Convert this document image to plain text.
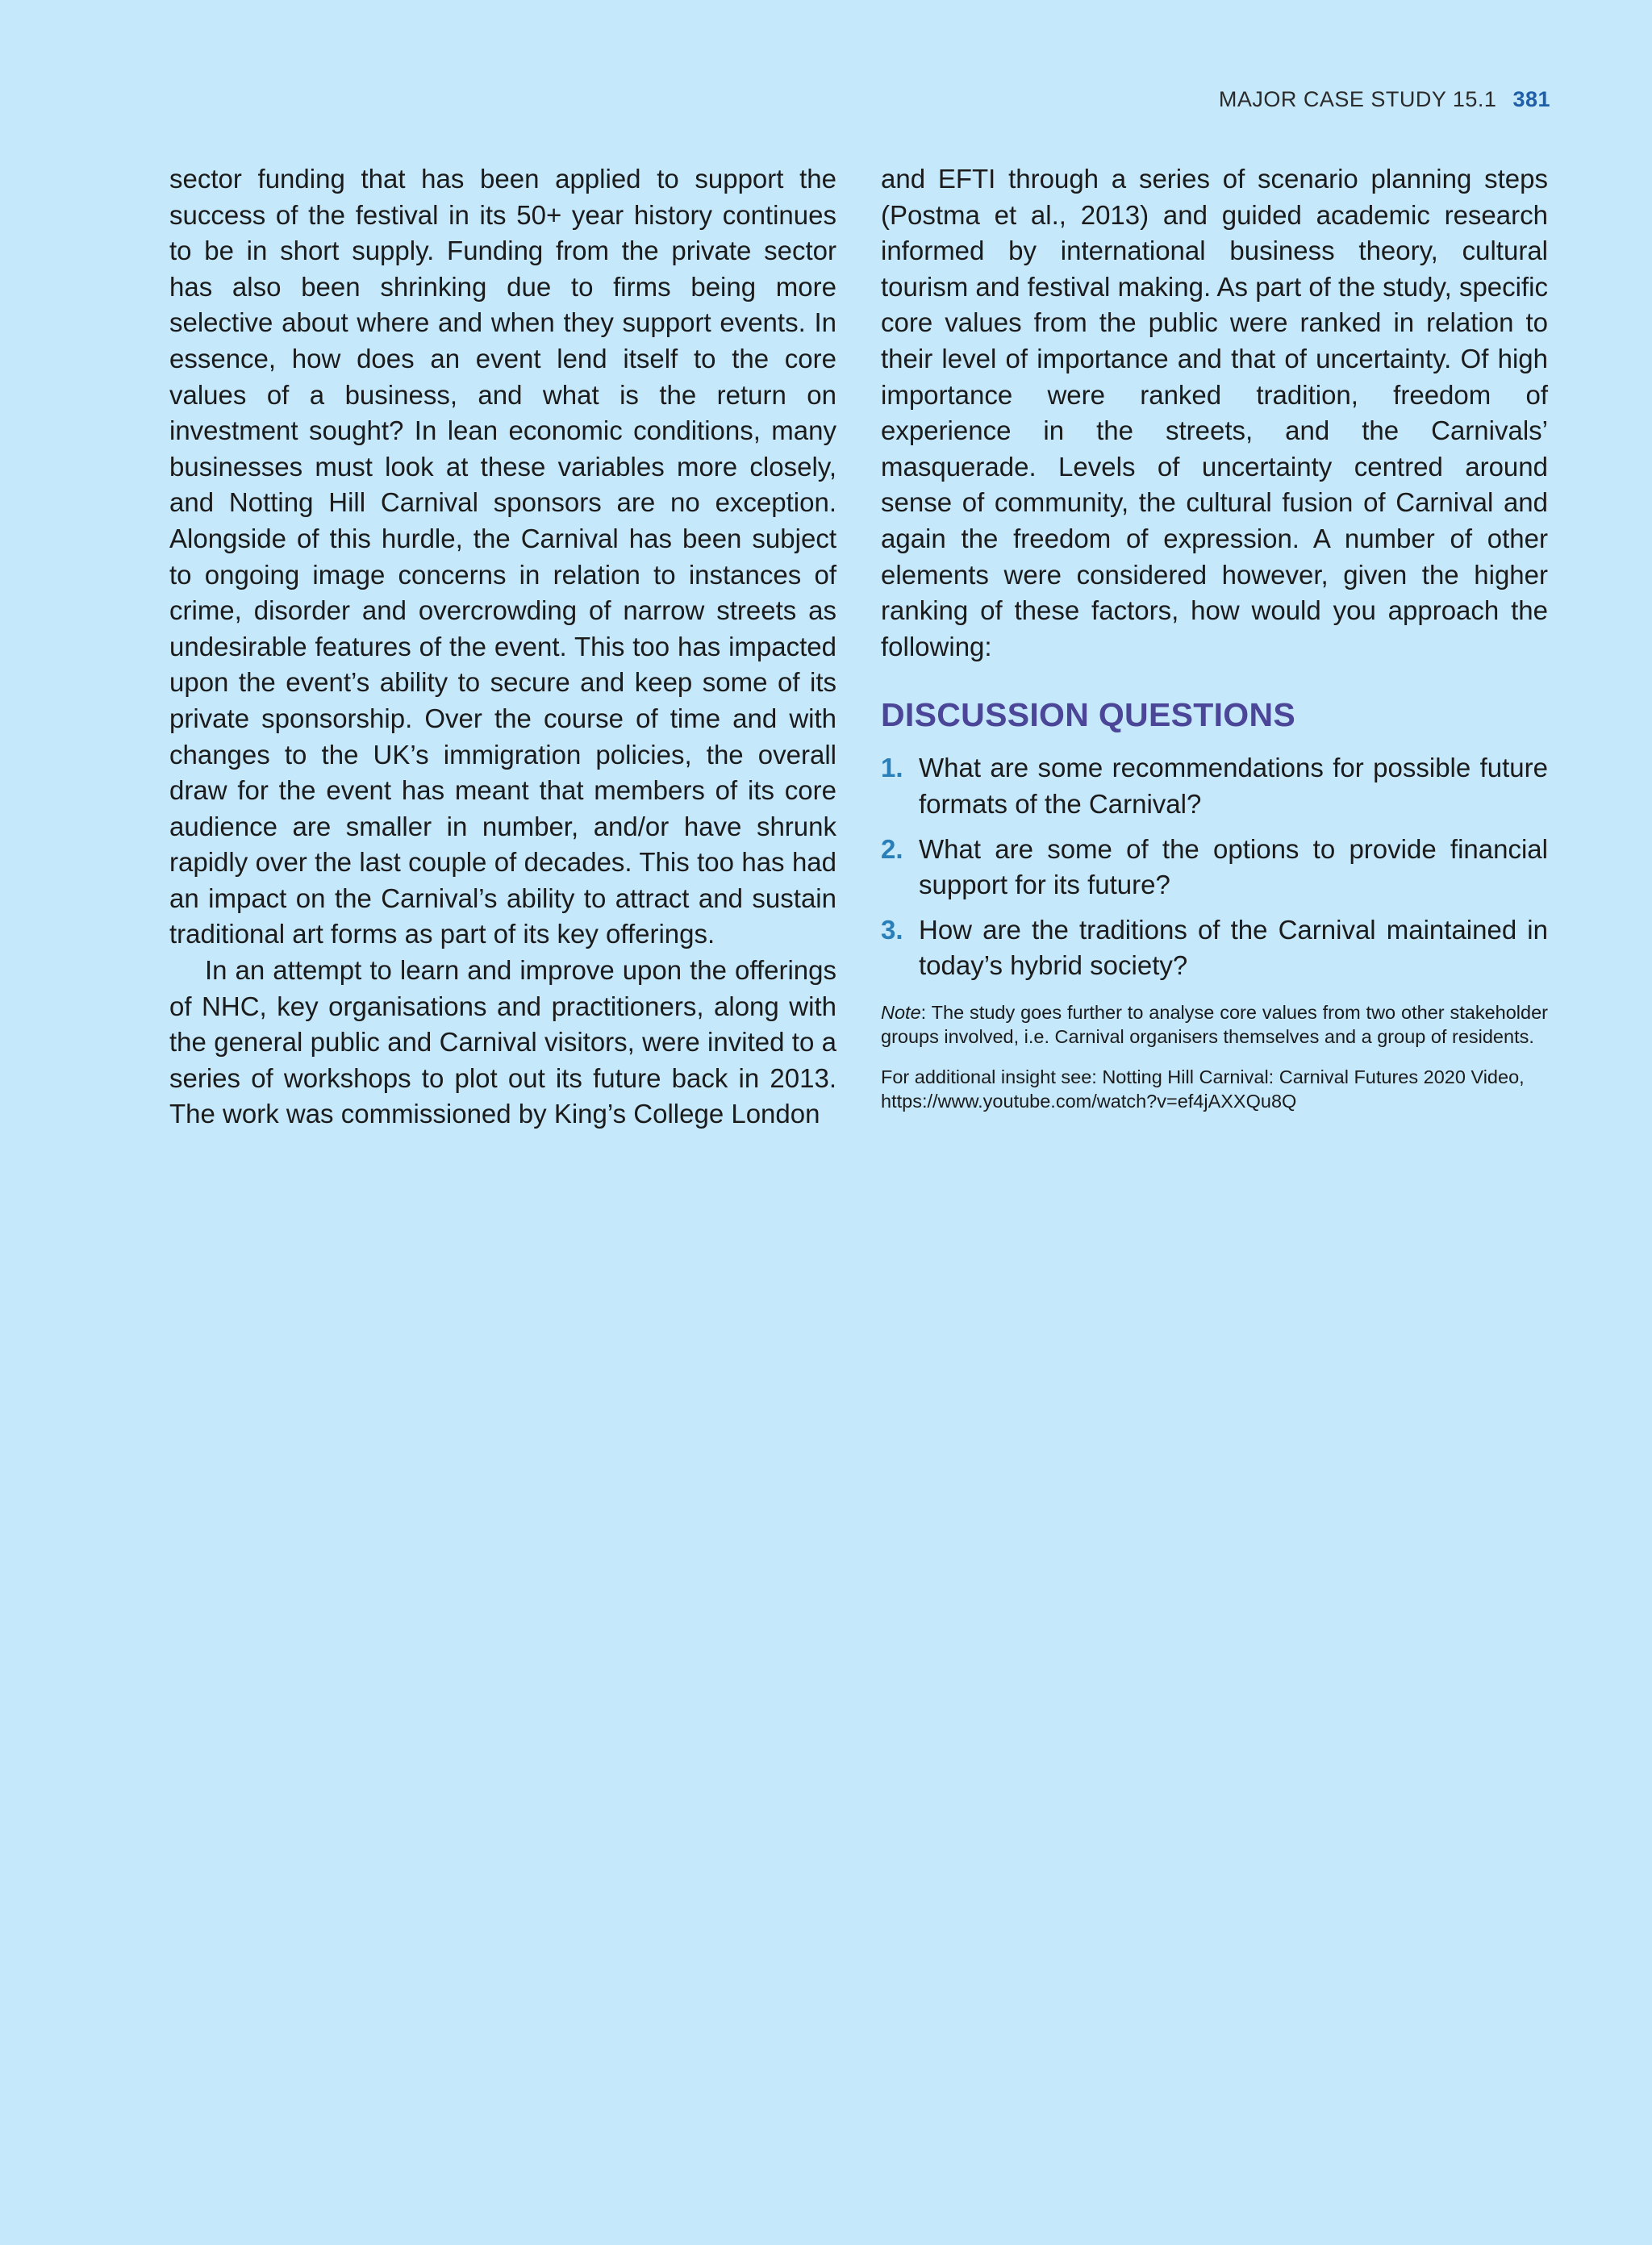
MAJOR CASE STUDY 15.1 381

sector funding that has been applied to support the success of the festival in its 50+ year history continues to be in short supply. Funding from the private sector has also been shrinking due to firms being more selective about where and when they support events. In essence, how does an event lend itself to the core values of a business, and what is the return on investment sought? In lean economic conditions, many businesses must look at these variables more closely, and Notting Hill Carnival sponsors are no exception. Alongside of this hurdle, the Carnival has been subject to ongoing image concerns in relation to instances of crime, disorder and overcrowding of narrow streets as undesirable features of the event. This too has impacted upon the event’s ability to secure and keep some of its private sponsorship. Over the course of time and with changes to the UK’s immigration policies, the overall draw for the event has meant that members of its core audience are smaller in number, and/or have shrunk rapidly over the last couple of decades. This too has had an impact on the Carnival’s ability to attract and sustain traditional art forms as part of its key offerings.

In an attempt to learn and improve upon the offerings of NHC, key organisations and practitioners, along with the general public and Carnival visitors, were invited to a series of workshops to plot out its future back in 2013. The work was commissioned by King’s College London

and EFTI through a series of scenario planning steps (Postma et al., 2013) and guided academic research informed by international business theory, cultural tourism and festival making. As part of the study, specific core values from the public were ranked in relation to their level of importance and that of uncertainty. Of high importance were ranked tradition, freedom of experience in the streets, and the Carnivals’ masquerade. Levels of uncertainty centred around sense of community, the cultural fusion of Carnival and again the freedom of expression. A number of other elements were considered however, given the higher ranking of these factors, how would you approach the following:

DISCUSSION QUESTIONS
1. What are some recommendations for possible future formats of the Carnival?
2. What are some of the options to provide financial support for its future?
3. How are the traditions of the Carnival maintained in today’s hybrid society?
Note: The study goes further to analyse core values from two other stakeholder groups involved, i.e. Carnival organisers themselves and a group of residents.
For additional insight see: Notting Hill Carnival: Carnival Futures 2020 Video,
https://www.youtube.com/watch?v=ef4jAXXQu8Q
